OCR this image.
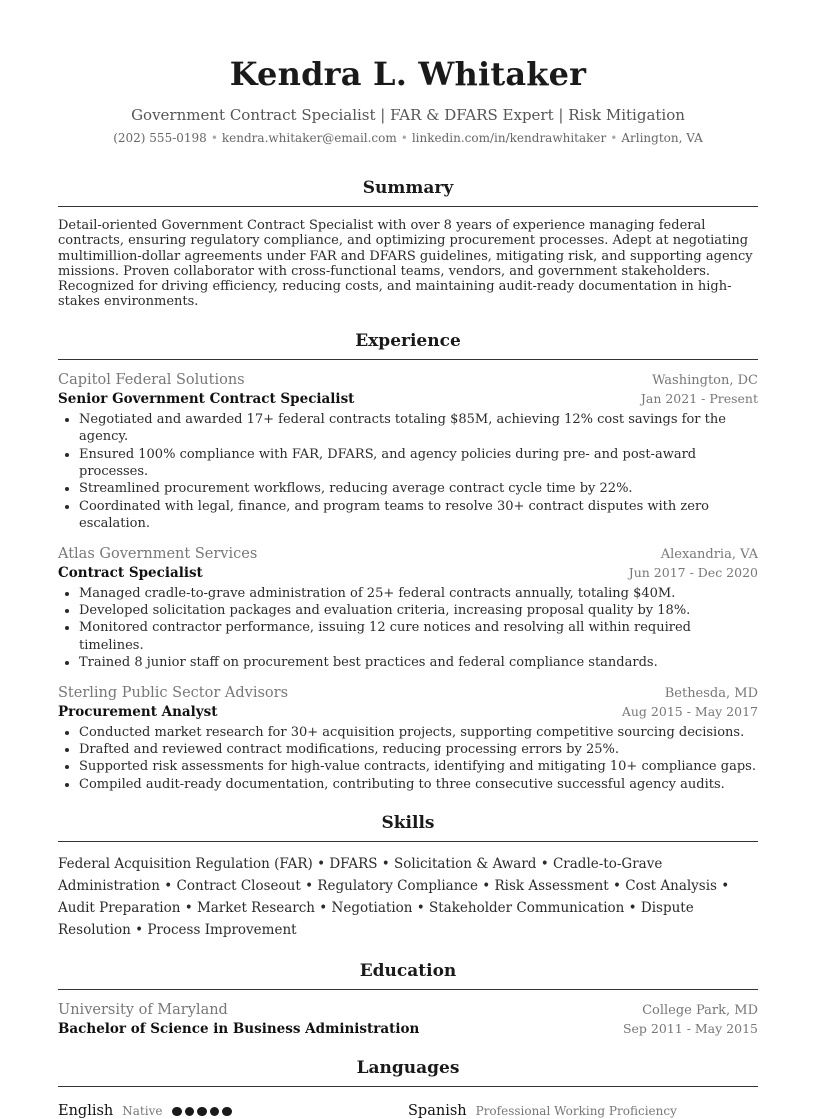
Kendra L. Whitaker
Government Contract Specialist | FAR & DFARS Expert | Risk Mitigation
(202) 555-0198 • kendra.whitaker@email.com • linkedin.com/in/kendrawhitaker • Arlington, VA
Summary
Detail-oriented Government Contract Specialist with over 8 years of experience managing federal contracts, ensuring regulatory compliance, and optimizing procurement processes. Adept at negotiating multimillion-dollar agreements under FAR and DFARS guidelines, mitigating risk, and supporting agency missions. Proven collaborator with cross-functional teams, vendors, and government stakeholders. Recognized for driving efficiency, reducing costs, and maintaining audit-ready documentation in high-stakes environments.
Experience
Capitol Federal Solutions	Washington, DC
Senior Government Contract Specialist	Jan 2021 - Present
• Negotiated and awarded 17+ federal contracts totaling $85M, achieving 12% cost savings for the agency.
• Ensured 100% compliance with FAR, DFARS, and agency policies during pre- and post-award processes.
• Streamlined procurement workflows, reducing average contract cycle time by 22%.
• Coordinated with legal, finance, and program teams to resolve 30+ contract disputes with zero escalation.
Atlas Government Services	Alexandria, VA
Contract Specialist	Jun 2017 - Dec 2020
• Managed cradle-to-grave administration of 25+ federal contracts annually, totaling $40M.
• Developed solicitation packages and evaluation criteria, increasing proposal quality by 18%.
• Monitored contractor performance, issuing 12 cure notices and resolving all within required timelines.
• Trained 8 junior staff on procurement best practices and federal compliance standards.
Sterling Public Sector Advisors	Bethesda, MD
Procurement Analyst	Aug 2015 - May 2017
• Conducted market research for 30+ acquisition projects, supporting competitive sourcing decisions.
• Drafted and reviewed contract modifications, reducing processing errors by 25%.
• Supported risk assessments for high-value contracts, identifying and mitigating 10+ compliance gaps.
• Compiled audit-ready documentation, contributing to three consecutive successful agency audits.
Skills
Federal Acquisition Regulation (FAR) • DFARS • Solicitation & Award • Cradle-to-Grave Administration • Contract Closeout • Regulatory Compliance • Risk Assessment • Cost Analysis • Audit Preparation • Market Research • Negotiation • Stakeholder Communication • Dispute Resolution • Process Improvement
Education
University of Maryland	College Park, MD
Bachelor of Science in Business Administration	Sep 2011 - May 2015
Languages
English Native	Spanish Professional Working Proficiency
